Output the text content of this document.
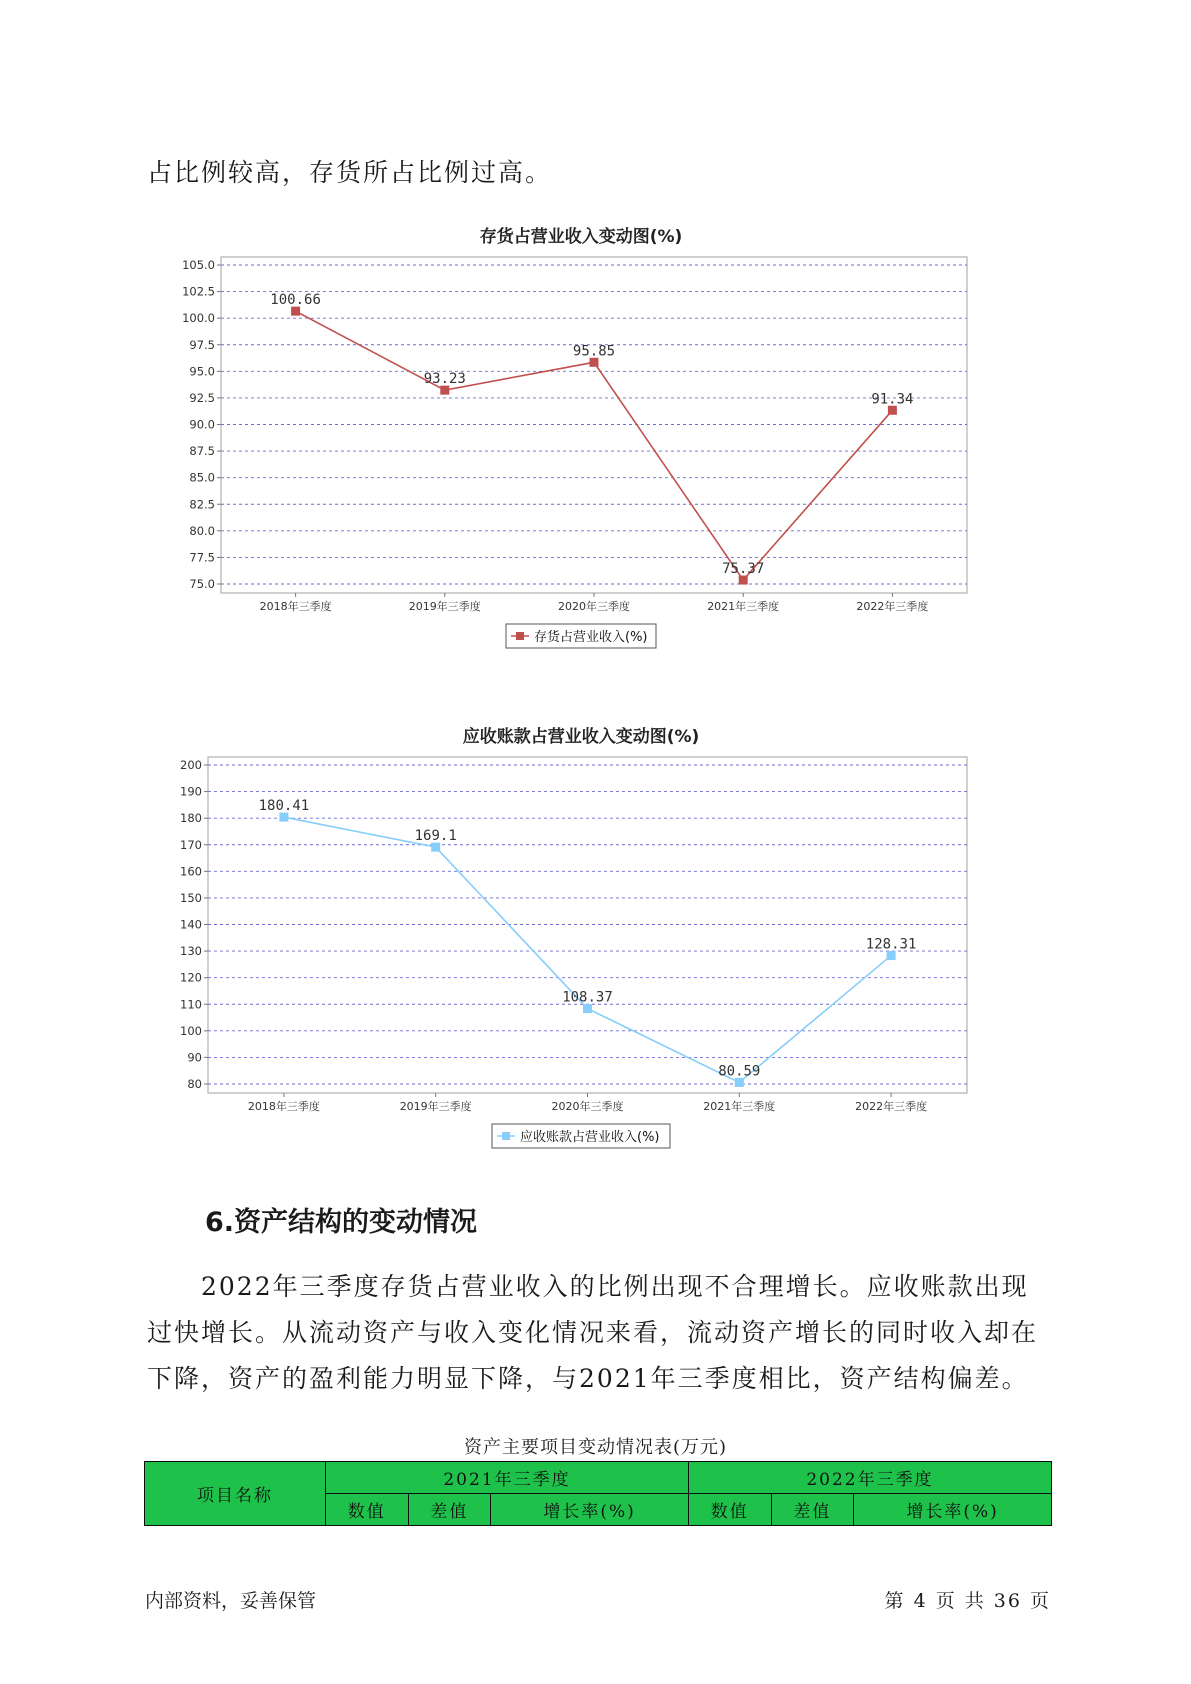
占比例较高，存货所占比例过高。

存货占营业收入变动图(%)
75.0
77.5
80.0
82.5
85.0
87.5
90.0
92.5
95.0
97.5
100.0
102.5
105.0
2018年三季度	2019年三季度	2020年三季度	2021年三季度	2022年三季度
100.66
93.23
95.85
75.37
91.34
存货占营业收入(%)
应收账款占营业收入变动图(%)
80
90
100
110
120
130
140
150
160
170
180
190
200
2018年三季度	2019年三季度	2020年三季度	2021年三季度	2022年三季度
180.41
169.1
108.37
80.59
128.31
应收账款占营业收入(%)
6.资产结构的变动情况

2022年三季度存货占营业收入的比例出现不合理增长。应收账款出现过快增长。从流动资产与收入变化情况来看，流动资产增长的同时收入却在下降，资产的盈利能力明显下降，与2021年三季度相比，资产结构偏差。

资产主要项目变动情况表(万元)
项目名称	2021年三季度			2022年三季度		
	数值	差值	增长率(%)	数值	差值	增长率(%)
内部资料，妥善保管	第 4 页 共 36 页
